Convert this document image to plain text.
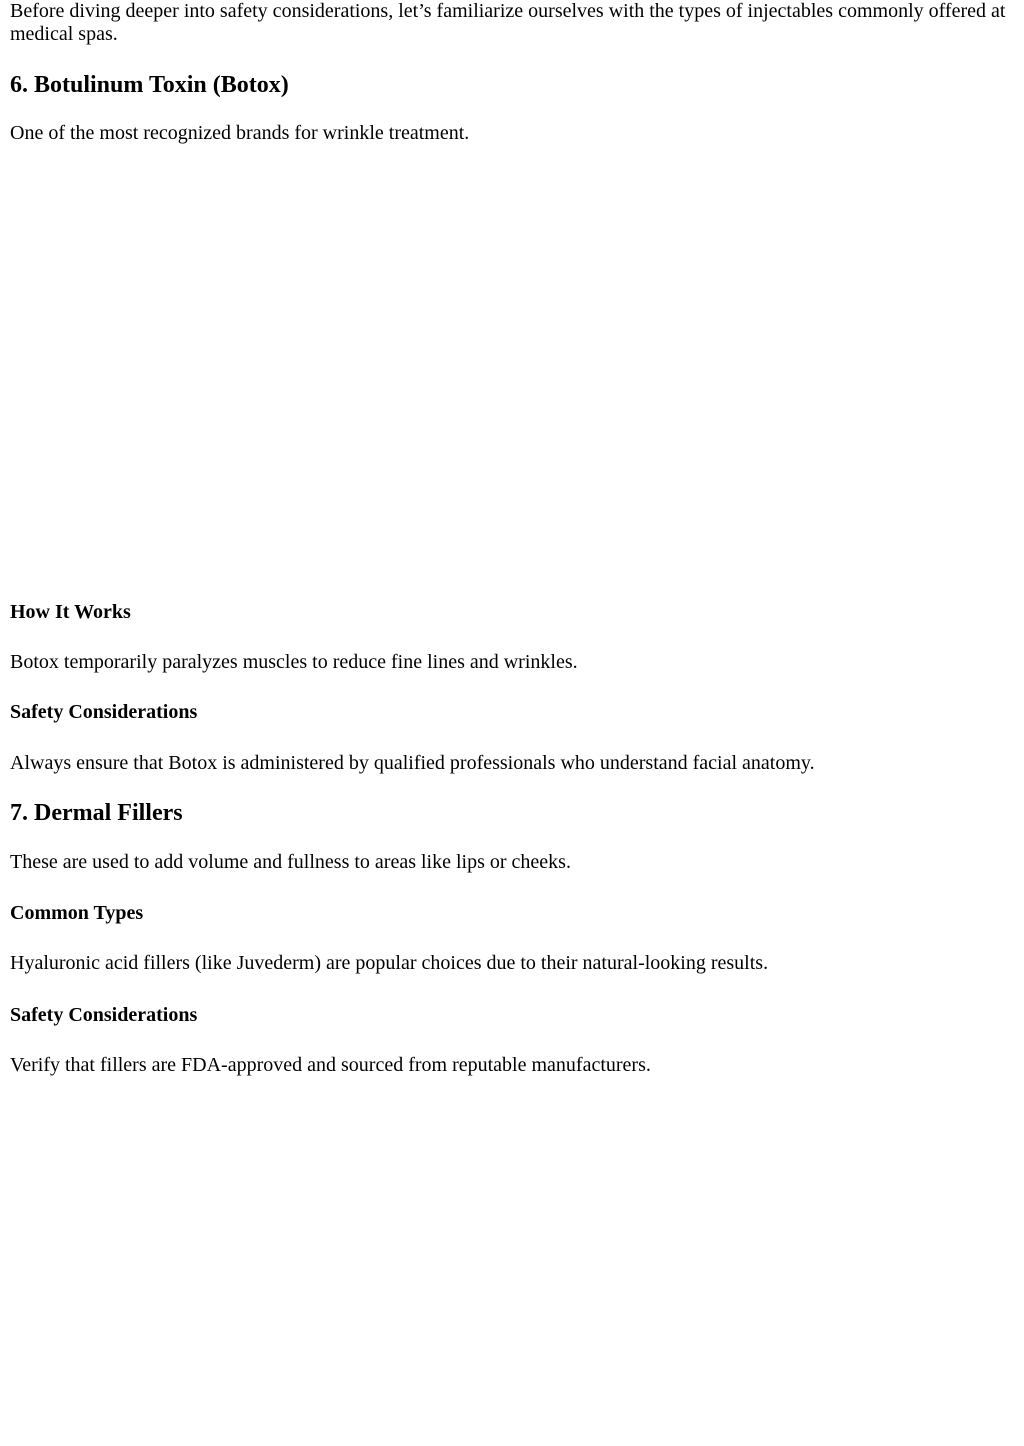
Before diving deeper into safety considerations, let’s familiarize ourselves with the types of injectables commonly offered at medical spas.

6. Botulinum Toxin (Botox)

One of the most recognized brands for wrinkle treatment.

How It Works

Botox temporarily paralyzes muscles to reduce fine lines and wrinkles.

Safety Considerations

Always ensure that Botox is administered by qualified professionals who understand facial anatomy.

7. Dermal Fillers

These are used to add volume and fullness to areas like lips or cheeks.

Common Types

Hyaluronic acid fillers (like Juvederm) are popular choices due to their natural-looking results.

Safety Considerations

Verify that fillers are FDA-approved and sourced from reputable manufacturers.
